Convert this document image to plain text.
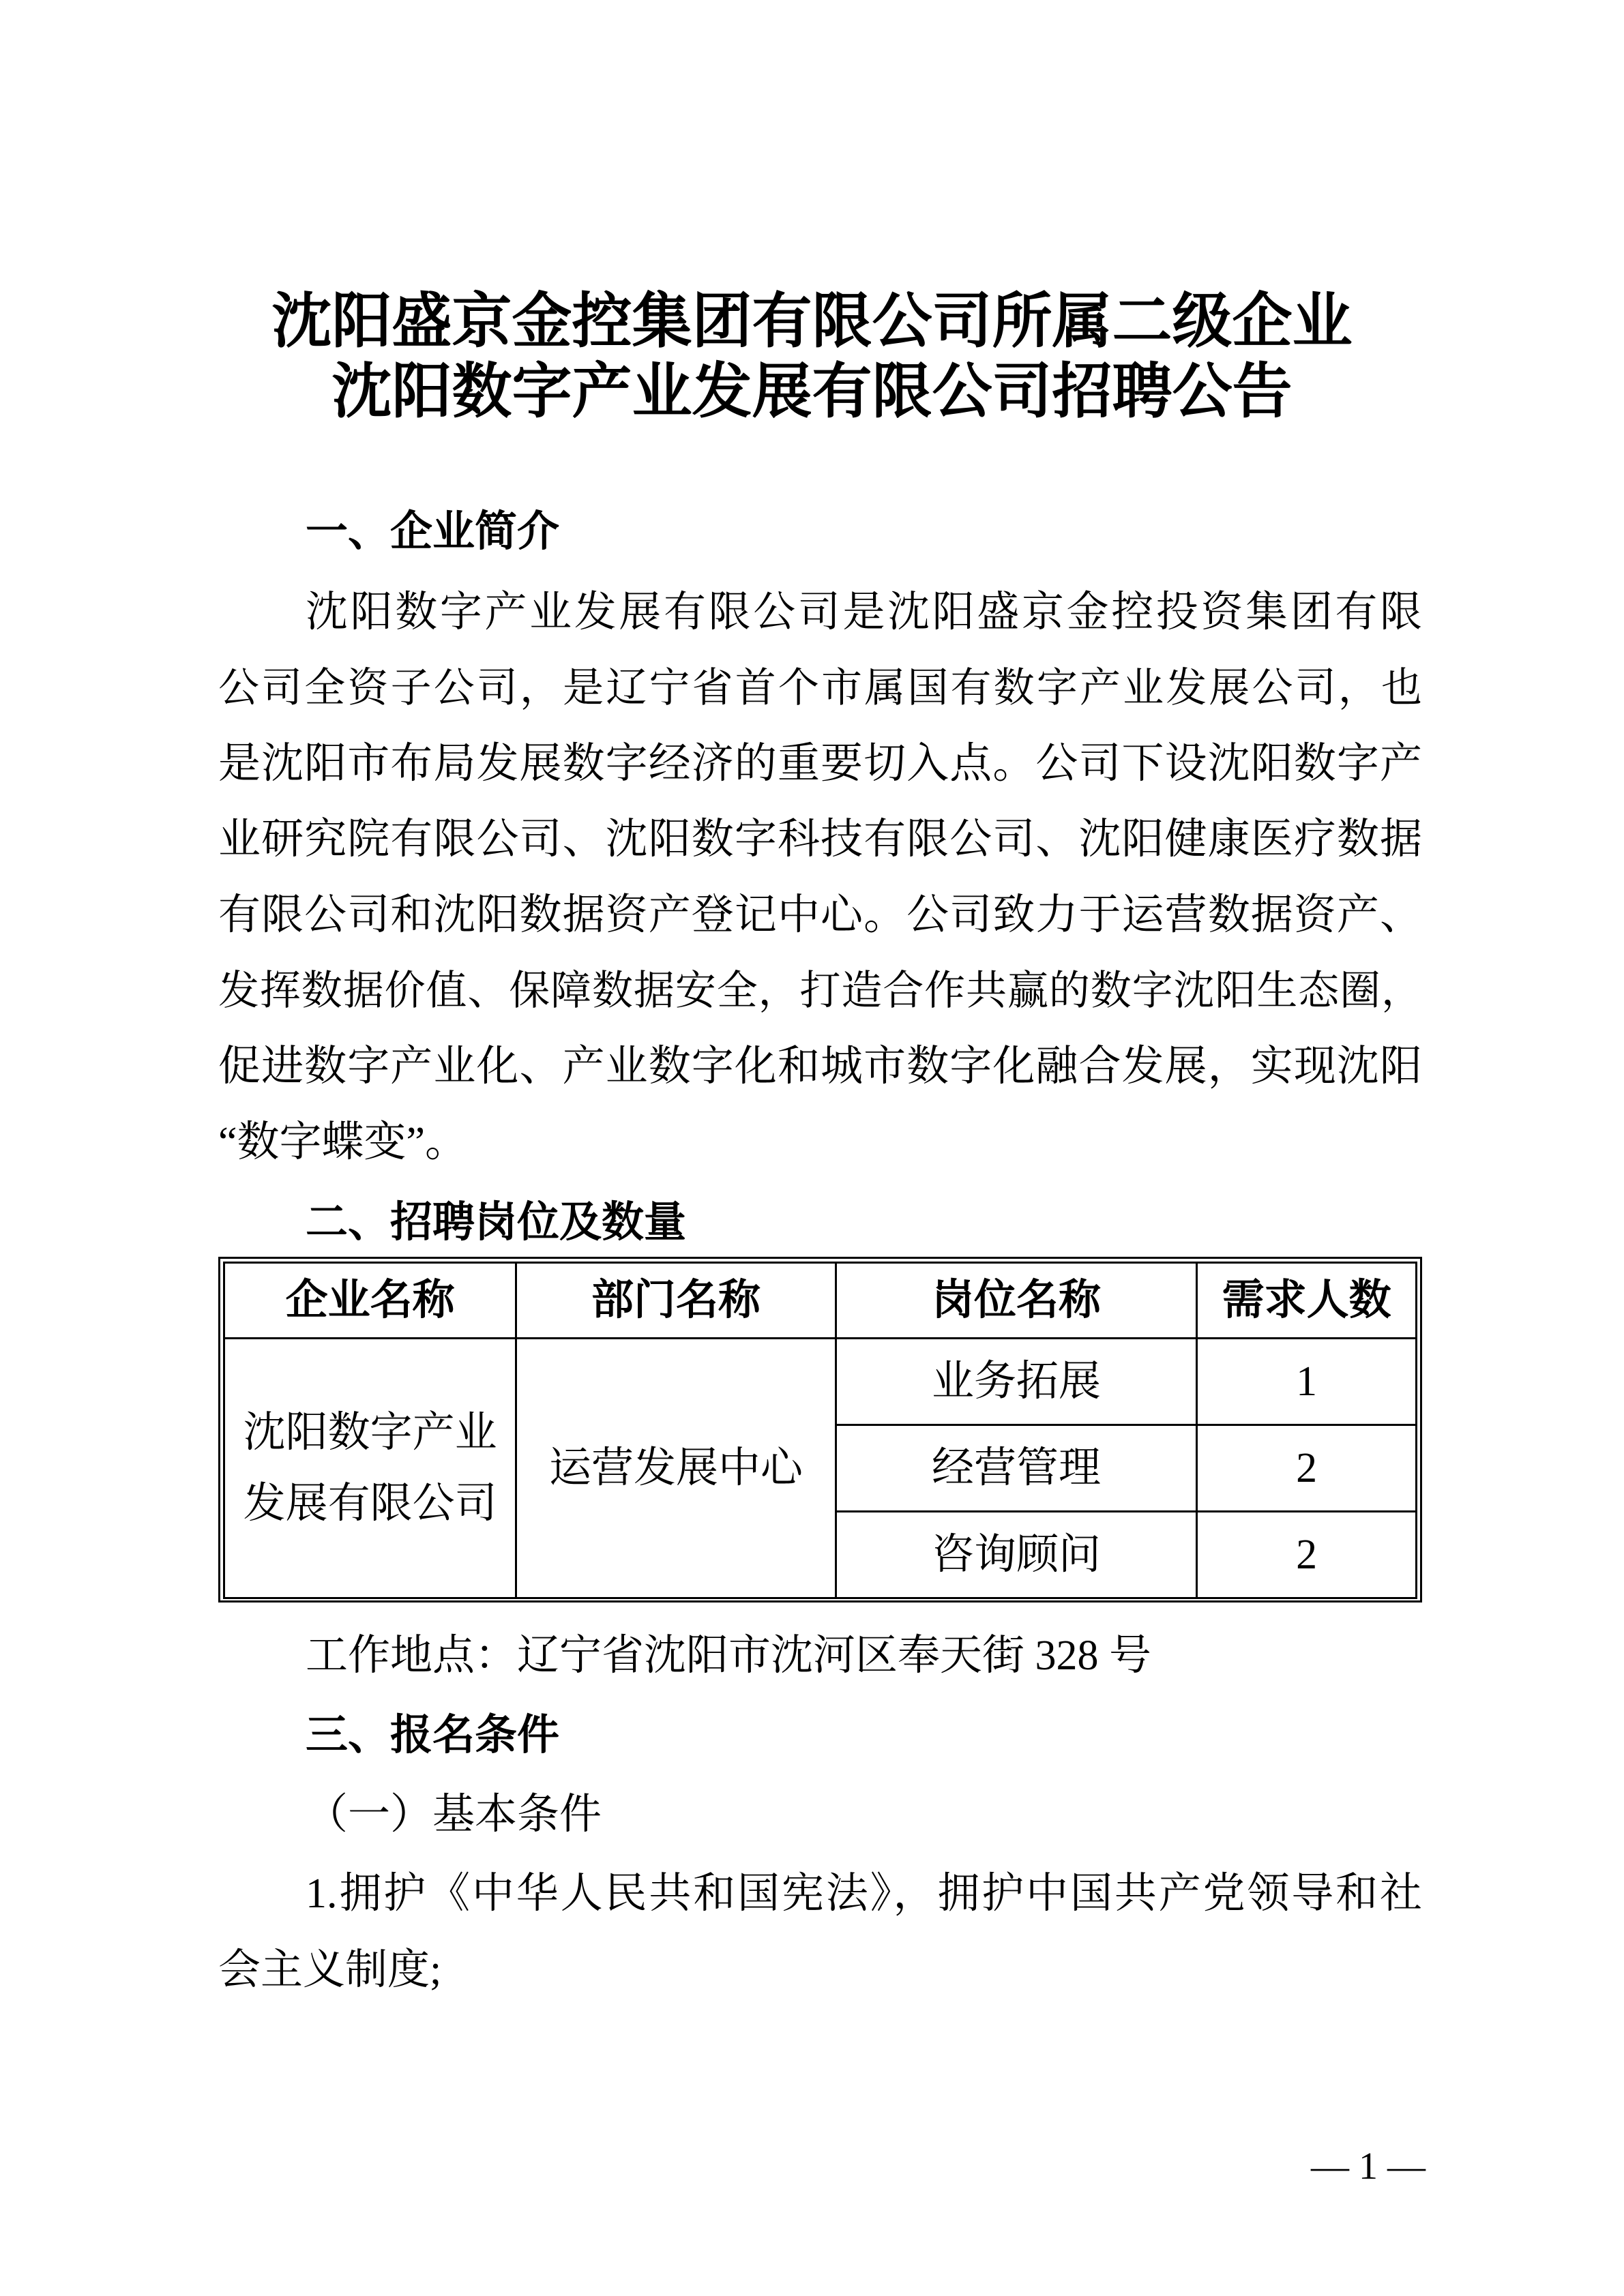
沈阳盛京金控集团有限公司所属二级企业
沈阳数字产业发展有限公司招聘公告
一、企业简介
沈阳数字产业发展有限公司是沈阳盛京金控投资集团有限
公司全资子公司，是辽宁省首个市属国有数字产业发展公司，也
是沈阳市布局发展数字经济的重要切入点。公司下设沈阳数字产
业研究院有限公司、沈阳数字科技有限公司、沈阳健康医疗数据
有限公司和沈阳数据资产登记中心。公司致力于运营数据资产、
发挥数据价值、保障数据安全，打造合作共赢的数字沈阳生态圈，
促进数字产业化、产业数字化和城市数字化融合发展，实现沈阳
“数字蝶变”。
二、招聘岗位及数量
企业名称	部门名称	岗位名称	需求人数
沈阳数字产业发展有限公司	运营发展中心	业务拓展	1
		经营管理	2
		咨询顾问	2
工作地点：辽宁省沈阳市沈河区奉天街 328 号
三、报名条件
（一）基本条件
1.拥护《中华人民共和国宪法》，拥护中国共产党领导和社
会主义制度;
— 1 —
